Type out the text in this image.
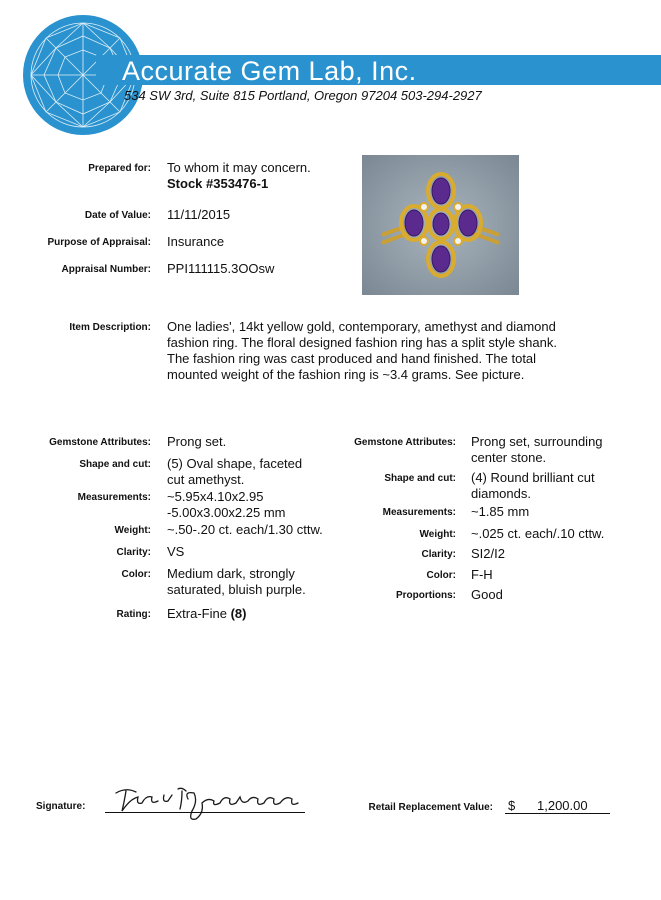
Accurate Gem Lab, Inc.
534 SW 3rd, Suite 815 Portland, Oregon 97204 503-294-2927
Prepared for: To whom it may concern.
Stock #353476-1
Date of Value: 11/11/2015
Purpose of Appraisal: Insurance
Appraisal Number: PPI111115.3OOsw
Item Description: One ladies', 14kt yellow gold, contemporary, amethyst and diamond
fashion ring. The floral designed fashion ring has a split style shank.
The fashion ring was cast produced and hand finished. The total
mounted weight of the fashion ring is ~3.4 grams. See picture.
Gemstone Attributes: Prong set.
Shape and cut: (5) Oval shape, faceted
cut amethyst.
Measurements: ~5.95x4.10x2.95
-5.00x3.00x2.25 mm
Weight: ~.50-.20 ct. each/1.30 cttw.
Clarity: VS
Color: Medium dark, strongly
saturated, bluish purple.
Rating: Extra-Fine (8)
Gemstone Attributes: Prong set, surrounding
center stone.
Shape and cut: (4) Round brilliant cut
diamonds.
Measurements: ~1.85 mm
Weight: ~.025 ct. each/.10 cttw.
Clarity: SI2/I2
Color: F-H
Proportions: Good
Signature:	Retail Replacement Value: $ 1,200.00
